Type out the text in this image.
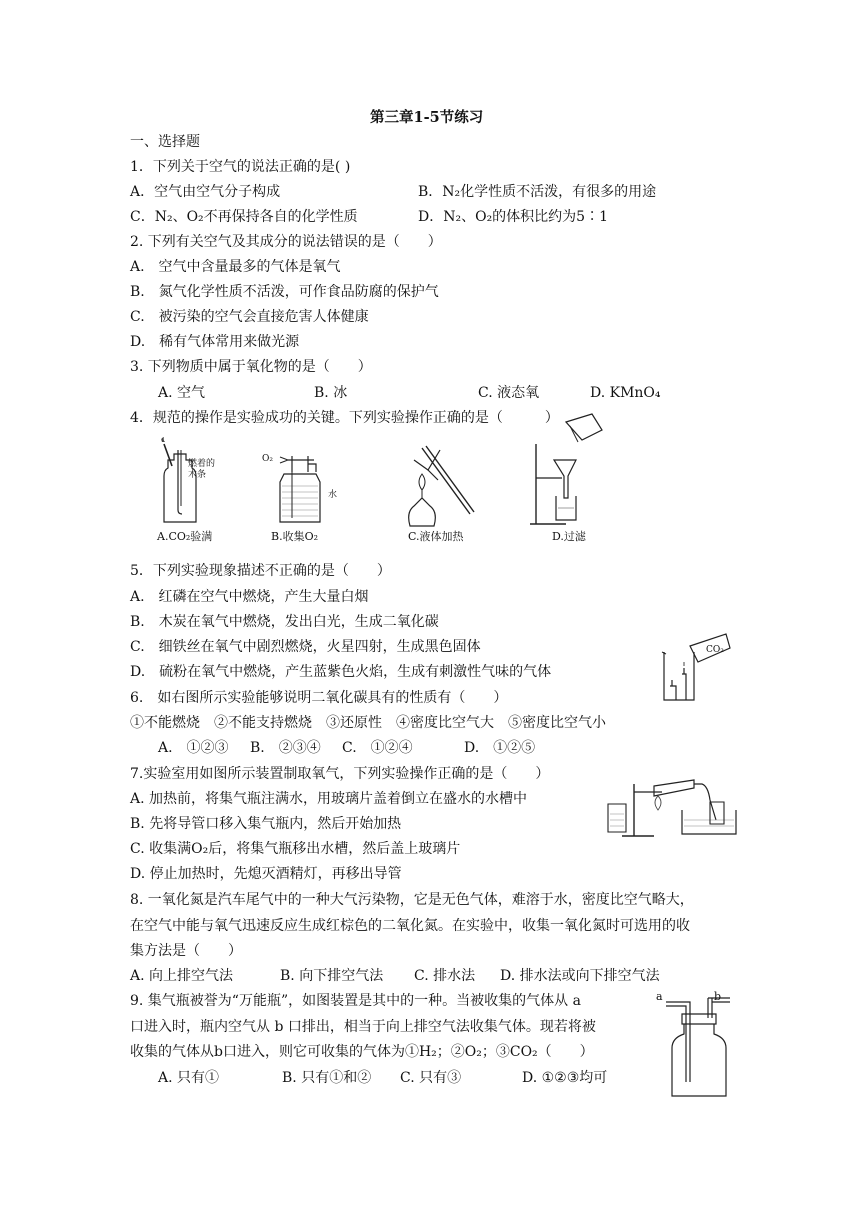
第三章1-5节练习
一、选择题
1．下列关于空气的说法正确的是( )
A．空气由空气分子构成	B．N₂化学性质不活泼，有很多的用途
C．N₂、O₂不再保持各自的化学性质	D．N₂、O₂的体积比约为5∶1
2. 下列有关空气及其成分的说法错误的是（　　）
A.　空气中含量最多的气体是氧气
B.　氮气化学性质不活泼，可作食品防腐的保护气
C.　被污染的空气会直接危害人体健康
D.　稀有气体常用来做光源
3. 下列物质中属于氧化物的是（　　）
A. 空气	B. 冰	C. 液态氧	D. KMnO₄
4．规范的操作是实验成功的关键。下列实验操作正确的是（　　　）
燃着的
木条
O₂
水
A.CO₂验满	B.收集O₂	C.液体加热	D.过滤
5．下列实验现象描述不正确的是（　　）
A.　红磷在空气中燃烧，产生大量白烟
B.　木炭在氧气中燃烧，发出白光，生成二氧化碳
C.　细铁丝在氧气中剧烈燃烧，火星四射，生成黑色固体
D.　硫粉在氧气中燃烧，产生蓝紫色火焰，生成有刺激性气味的气体
CO₂
6.　如右图所示实验能够说明二氧化碳具有的性质有（　　）
①不能燃烧　②不能支持燃烧　③还原性　④密度比空气大　⑤密度比空气小
A.　①②③ B.　②③④ C.　①②④	D.　①②⑤
7.实验室用如图所示装置制取氧气，下列实验操作正确的是（　　）
A. 加热前，将集气瓶注满水，用玻璃片盖着倒立在盛水的水槽中
B. 先将导管口移入集气瓶内，然后开始加热
C. 收集满O₂后，将集气瓶移出水槽，然后盖上玻璃片
D. 停止加热时，先熄灭酒精灯，再移出导管
8. 一氧化氮是汽车尾气中的一种大气污染物，它是无色气体，难溶于水，密度比空气略大，
在空气中能与氧气迅速反应生成红棕色的二氧化氮。在实验中，收集一氧化氮时可选用的收
集方法是（　　）
A. 向上排空气法	B. 向下排空气法 C. 排水法 D. 排水法或向下排空气法
9. 集气瓶被誉为“万能瓶”，如图装置是其中的一种。当被收集的气体从 a
口进入时，瓶内空气从 b 口排出，相当于向上排空气法收集气体。现若将被
收集的气体从b口进入，则它可收集的气体为①H₂；②O₂；③CO₂（　　）
A. 只有①	B. 只有①和② C. 只有③	D. ①②③均可
a	b
